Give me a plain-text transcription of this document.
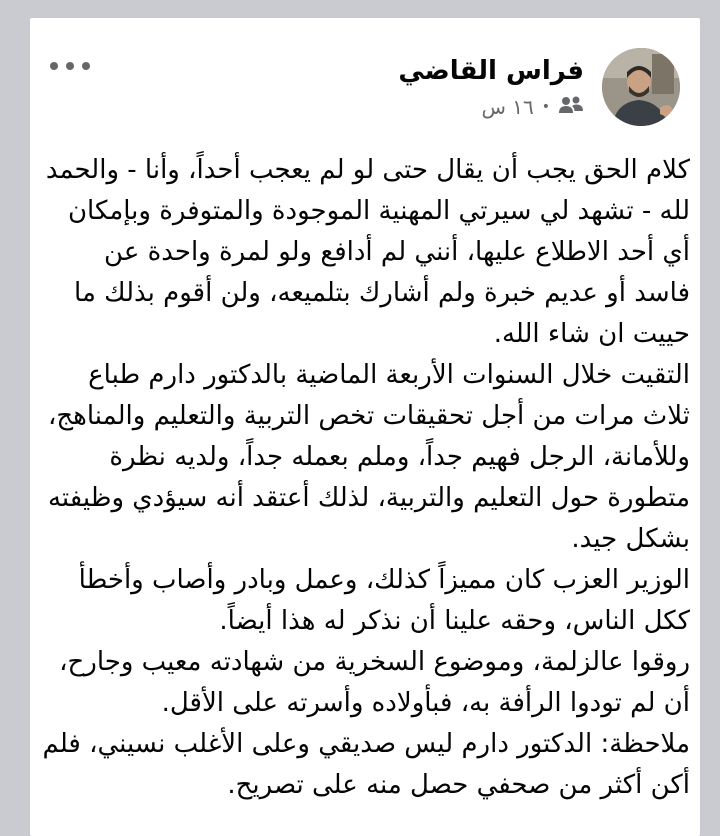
فراس القاضي
١٦ س •

كلام الحق يجب أن يقال حتى لو لم يعجب أحداً، وأنا - والحمد لله - تشهد لي سيرتي المهنية الموجودة والمتوفرة وبإمكان أي أحد الاطلاع عليها، أنني لم أدافع ولو لمرة واحدة عن فاسد أو عديم خبرة ولم أشارك بتلميعه، ولن أقوم بذلك ما حييت ان شاء الله.

التقيت خلال السنوات الأربعة الماضية بالدكتور دارم طباع ثلاث مرات من أجل تحقيقات تخص التربية والتعليم والمناهج، وللأمانة، الرجل فهيم جداً، وملم بعمله جداً، ولديه نظرة متطورة حول التعليم والتربية، لذلك أعتقد أنه سيؤدي وظيفته بشكل جيد.

الوزير العزب كان مميزاً كذلك، وعمل وبادر وأصاب وأخطأ ككل الناس، وحقه علينا أن نذكر له هذا أيضاً.

روقوا عالزلمة، وموضوع السخرية من شهادته معيب وجارح، أن لم تودوا الرأفة به، فبأولاده وأسرته على الأقل.

ملاحظة: الدكتور دارم ليس صديقي وعلى الأغلب نسيني، فلم أكن أكثر من صحفي حصل منه على تصريح.
